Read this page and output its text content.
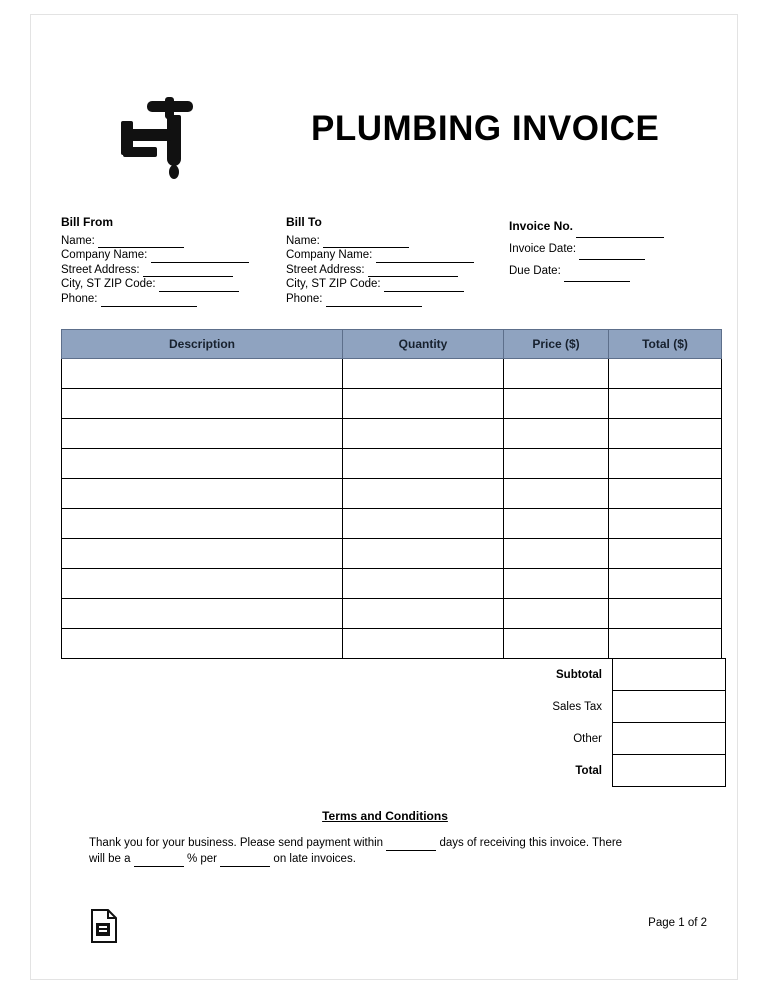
PLUMBING INVOICE
Bill From
Name:
Company Name:
Street Address:
City, ST ZIP Code:
Phone:
Bill To
Name:
Company Name:
Street Address:
City, ST ZIP Code:
Phone:
Invoice No.
Invoice Date:
Due Date:
Description	Quantity	Price ($)	Total ($)

	Subtotal	
	Sales Tax	
	Other	
	Total	
Terms and Conditions
Thank you for your business. Please send payment within	days of receiving this invoice. There
will be a	% per	on late invoices.
Page 1 of 2
